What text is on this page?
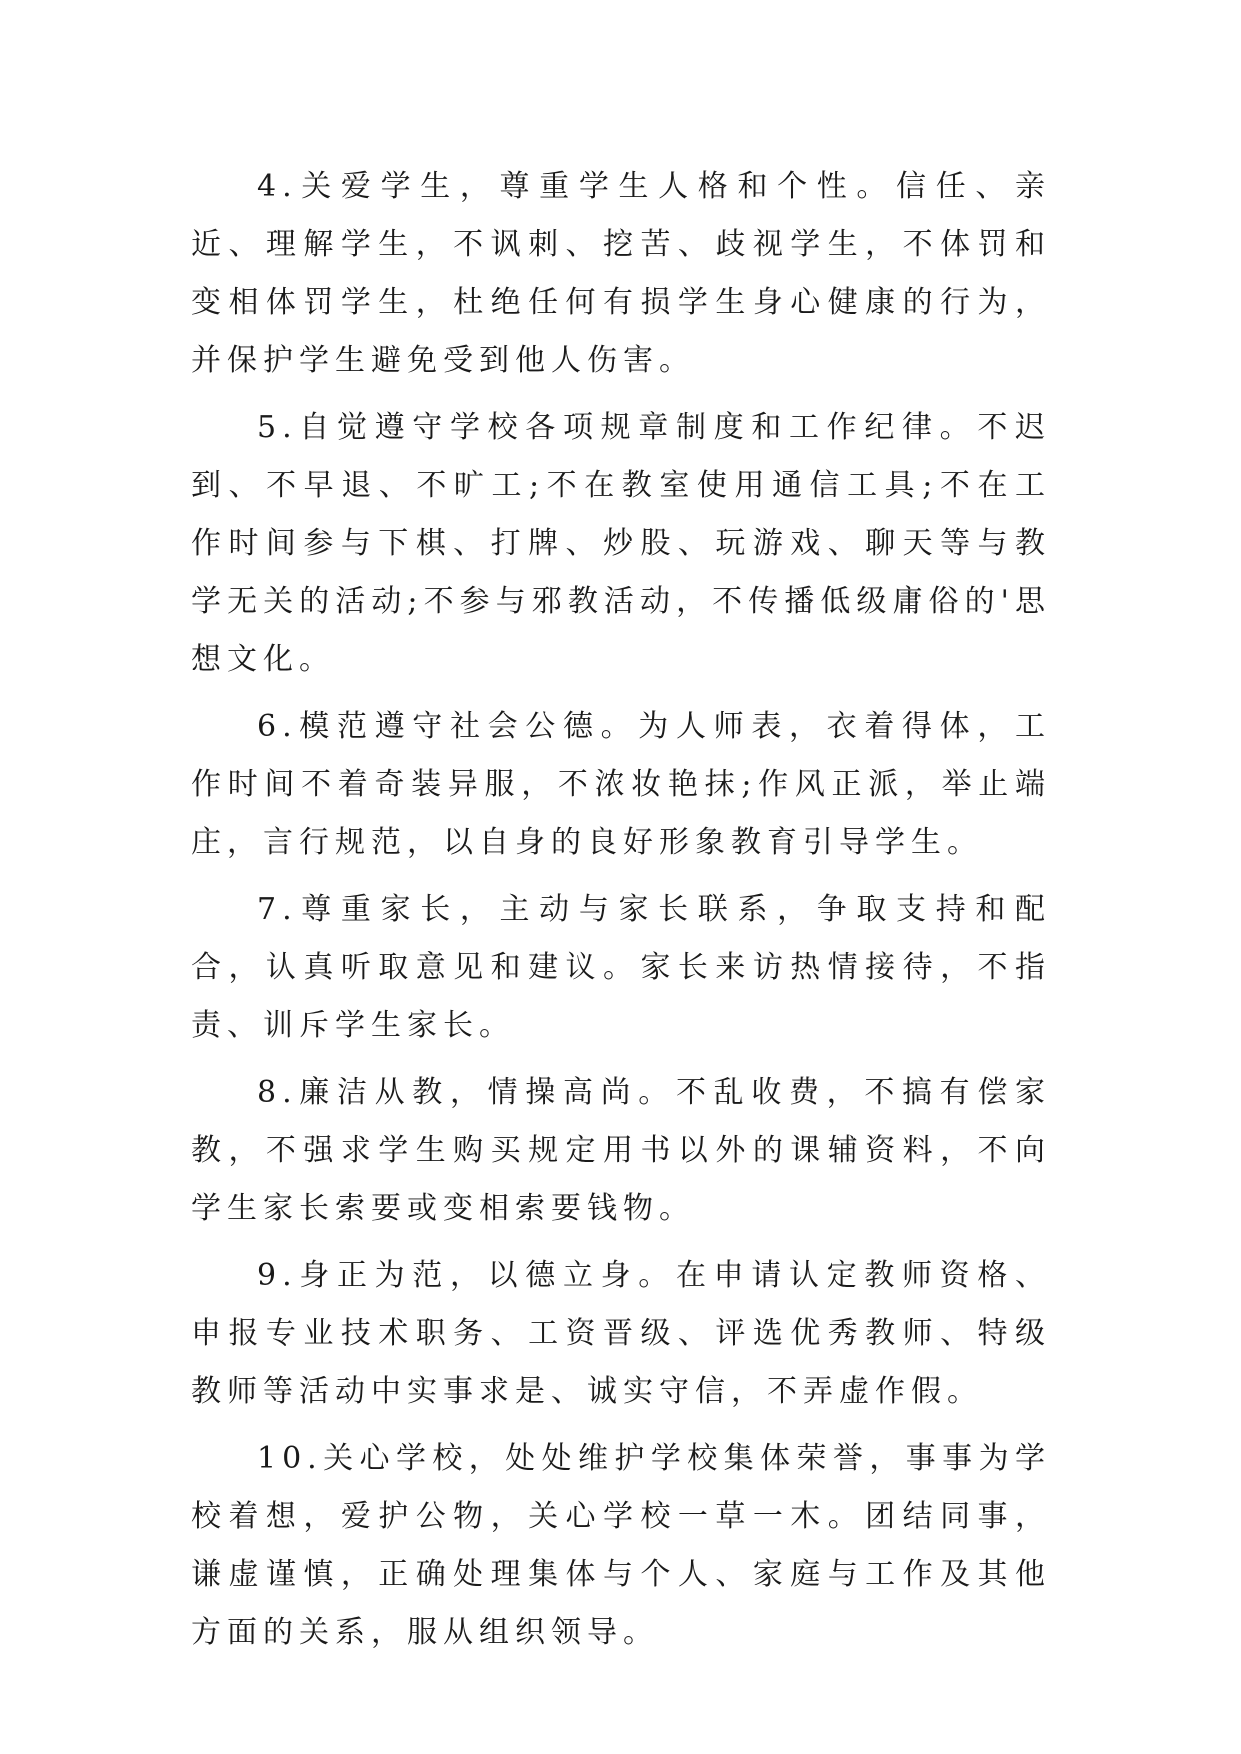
4.关爱学生，尊重学生人格和个性。信任、亲近、理解学生，不讽刺、挖苦、歧视学生，不体罚和变相体罚学生，杜绝任何有损学生身心健康的行为，并保护学生避免受到他人伤害。

5.自觉遵守学校各项规章制度和工作纪律。不迟到、不早退、不旷工;不在教室使用通信工具;不在工作时间参与下棋、打牌、炒股、玩游戏、聊天等与教学无关的活动;不参与邪教活动，不传播低级庸俗的'思想文化。

6.模范遵守社会公德。为人师表，衣着得体，工作时间不着奇装异服，不浓妆艳抹;作风正派，举止端庄，言行规范，以自身的良好形象教育引导学生。

7.尊重家长，主动与家长联系，争取支持和配合，认真听取意见和建议。家长来访热情接待，不指责、训斥学生家长。

8.廉洁从教，情操高尚。不乱收费，不搞有偿家教，不强求学生购买规定用书以外的课辅资料，不向学生家长索要或变相索要钱物。

9.身正为范，以德立身。在申请认定教师资格、申报专业技术职务、工资晋级、评选优秀教师、特级教师等活动中实事求是、诚实守信，不弄虚作假。

10.关心学校，处处维护学校集体荣誉，事事为学校着想，爱护公物，关心学校一草一木。团结同事，谦虚谨慎，正确处理集体与个人、家庭与工作及其他方面的关系，服从组织领导。
